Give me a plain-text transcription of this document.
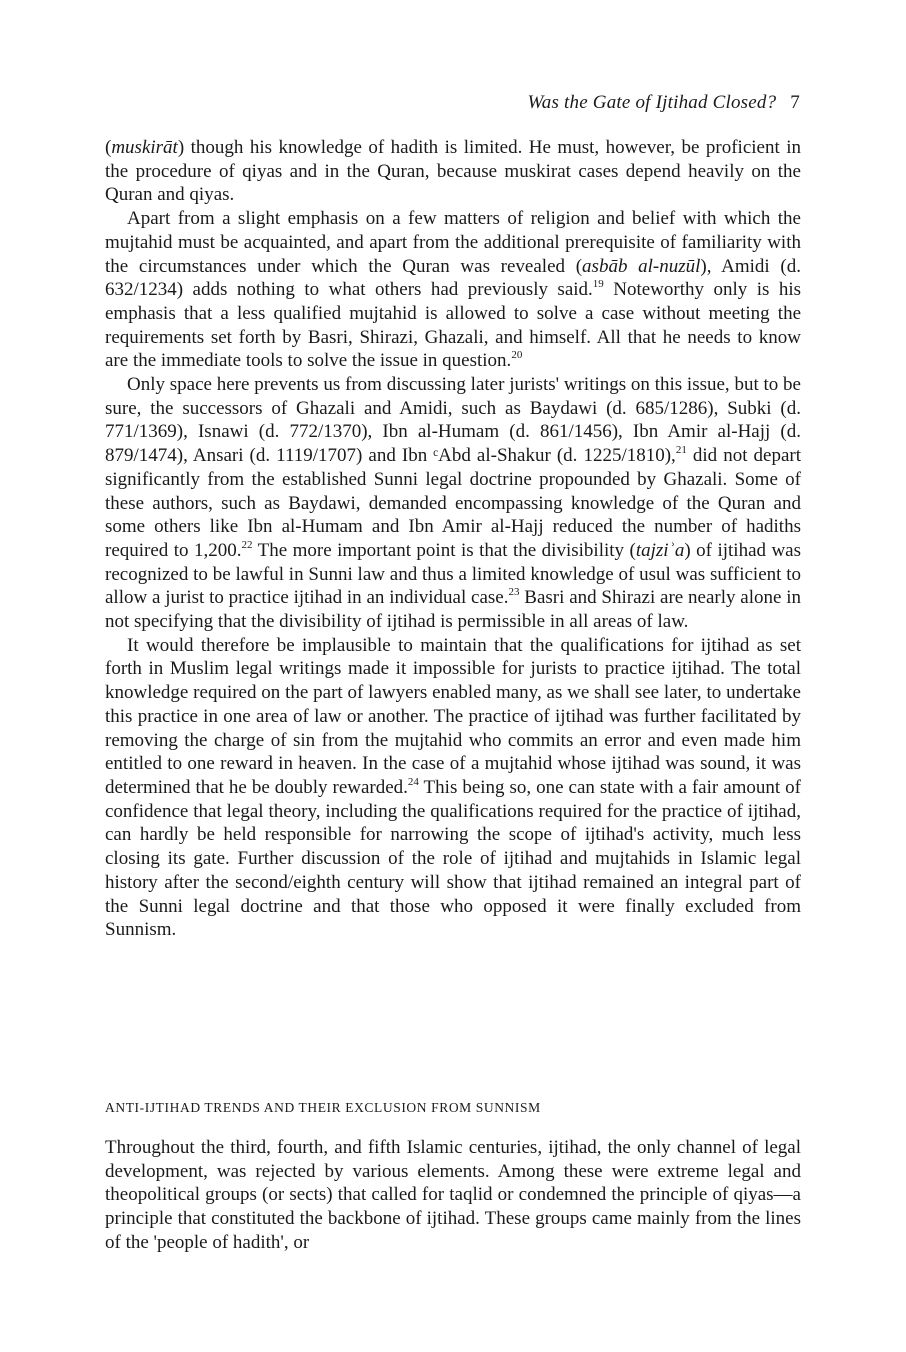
Was the Gate of Ijtihad Closed? 7

(muskirāt) though his knowledge of hadith is limited. He must, however, be proficient in the procedure of qiyas and in the Quran, because muskirat cases depend heavily on the Quran and qiyas.

Apart from a slight emphasis on a few matters of religion and belief with which the mujtahid must be acquainted, and apart from the additional prerequisite of familiarity with the circumstances under which the Quran was revealed (asbāb al-nuzūl), Amidi (d. 632/1234) adds nothing to what others had previously said.$^{19}$ Noteworthy only is his emphasis that a less qualified mujtahid is allowed to solve a case without meeting the requirements set forth by Basri, Shirazi, Ghazali, and himself. All that he needs to know are the immediate tools to solve the issue in question.$^{20}$

Only space here prevents us from discussing later jurists' writings on this issue, but to be sure, the successors of Ghazali and Amidi, such as Baydawi (d. 685/1286), Subki (d. 771/1369), Isnawi (d. 772/1370), Ibn al-Humam (d. 861/1456), Ibn Amir al-Hajj (d. 879/1474), Ansari (d. 1119/1707) and Ibn ᶜAbd al-Shakur (d. 1225/1810),$^{21}$ did not depart significantly from the established Sunni legal doctrine propounded by Ghazali. Some of these authors, such as Baydawi, demanded encompassing knowledge of the Quran and some others like Ibn al-Humam and Ibn Amir al-Hajj reduced the number of hadiths required to 1,200.22 The more important point is that the divisibility (tajziʾa) of ijtihad was recognized to be lawful in Sunni law and thus a limited knowledge of usul was sufficient to allow a jurist to practice ijtihad in an individual case.$^{23}$ Basri and Shirazi are nearly alone in not specifying that the divisibility of ijtihad is permissible in all areas of law.

It would therefore be implausible to maintain that the qualifications for ijtihad as set forth in Muslim legal writings made it impossible for jurists to practice ijtihad. The total knowledge required on the part of lawyers enabled many, as we shall see later, to undertake this practice in one area of law or another. The practice of ijtihad was further facilitated by removing the charge of sin from the mujtahid who commits an error and even made him entitled to one reward in heaven. In the case of a mujtahid whose ijtihad was sound, it was determined that he be doubly rewarded.$^{24}$ This being so, one can state with a fair amount of confidence that legal theory, including the qualifications required for the practice of ijtihad, can hardly be held responsible for narrowing the scope of ijtihad's activity, much less closing its gate. Further discussion of the role of ijtihad and mujtahids in Islamic legal history after the second/eighth century will show that ijtihad remained an integral part of the Sunni legal doctrine and that those who opposed it were finally excluded from Sunnism.

ANTI-IJTIHAD TRENDS AND THEIR EXCLUSION FROM SUNNISM

Throughout the third, fourth, and fifth Islamic centuries, ijtihad, the only channel of legal development, was rejected by various elements. Among these were extreme legal and theopolitical groups (or sects) that called for taqlid or condemned the principle of qiyas—a principle that constituted the backbone of ijtihad. These groups came mainly from the lines of the 'people of hadith', or
